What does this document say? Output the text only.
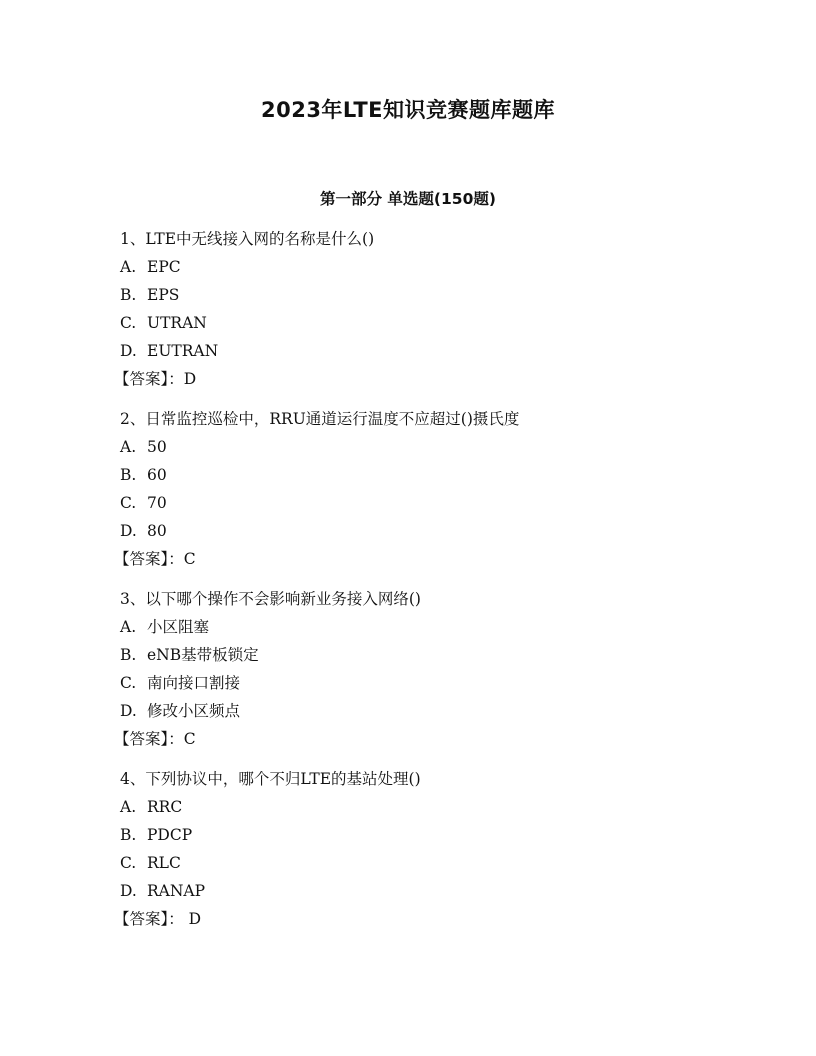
2023年LTE知识竞赛题库题库
第一部分 单选题(150题)
1、LTE中无线接入网的名称是什么()
A. EPC
B. EPS
C. UTRAN
D. EUTRAN
【答案】：D
2、日常监控巡检中，RRU通道运行温度不应超过()摄氏度
A. 50
B. 60
C. 70
D. 80
【答案】：C
3、以下哪个操作不会影响新业务接入网络()
A. 小区阻塞
B. eNB基带板锁定
C. 南向接口割接
D. 修改小区频点
【答案】：C
4、下列协议中，哪个不归LTE的基站处理()
A. RRC
B. PDCP
C. RLC
D. RANAP
【答案】： D
